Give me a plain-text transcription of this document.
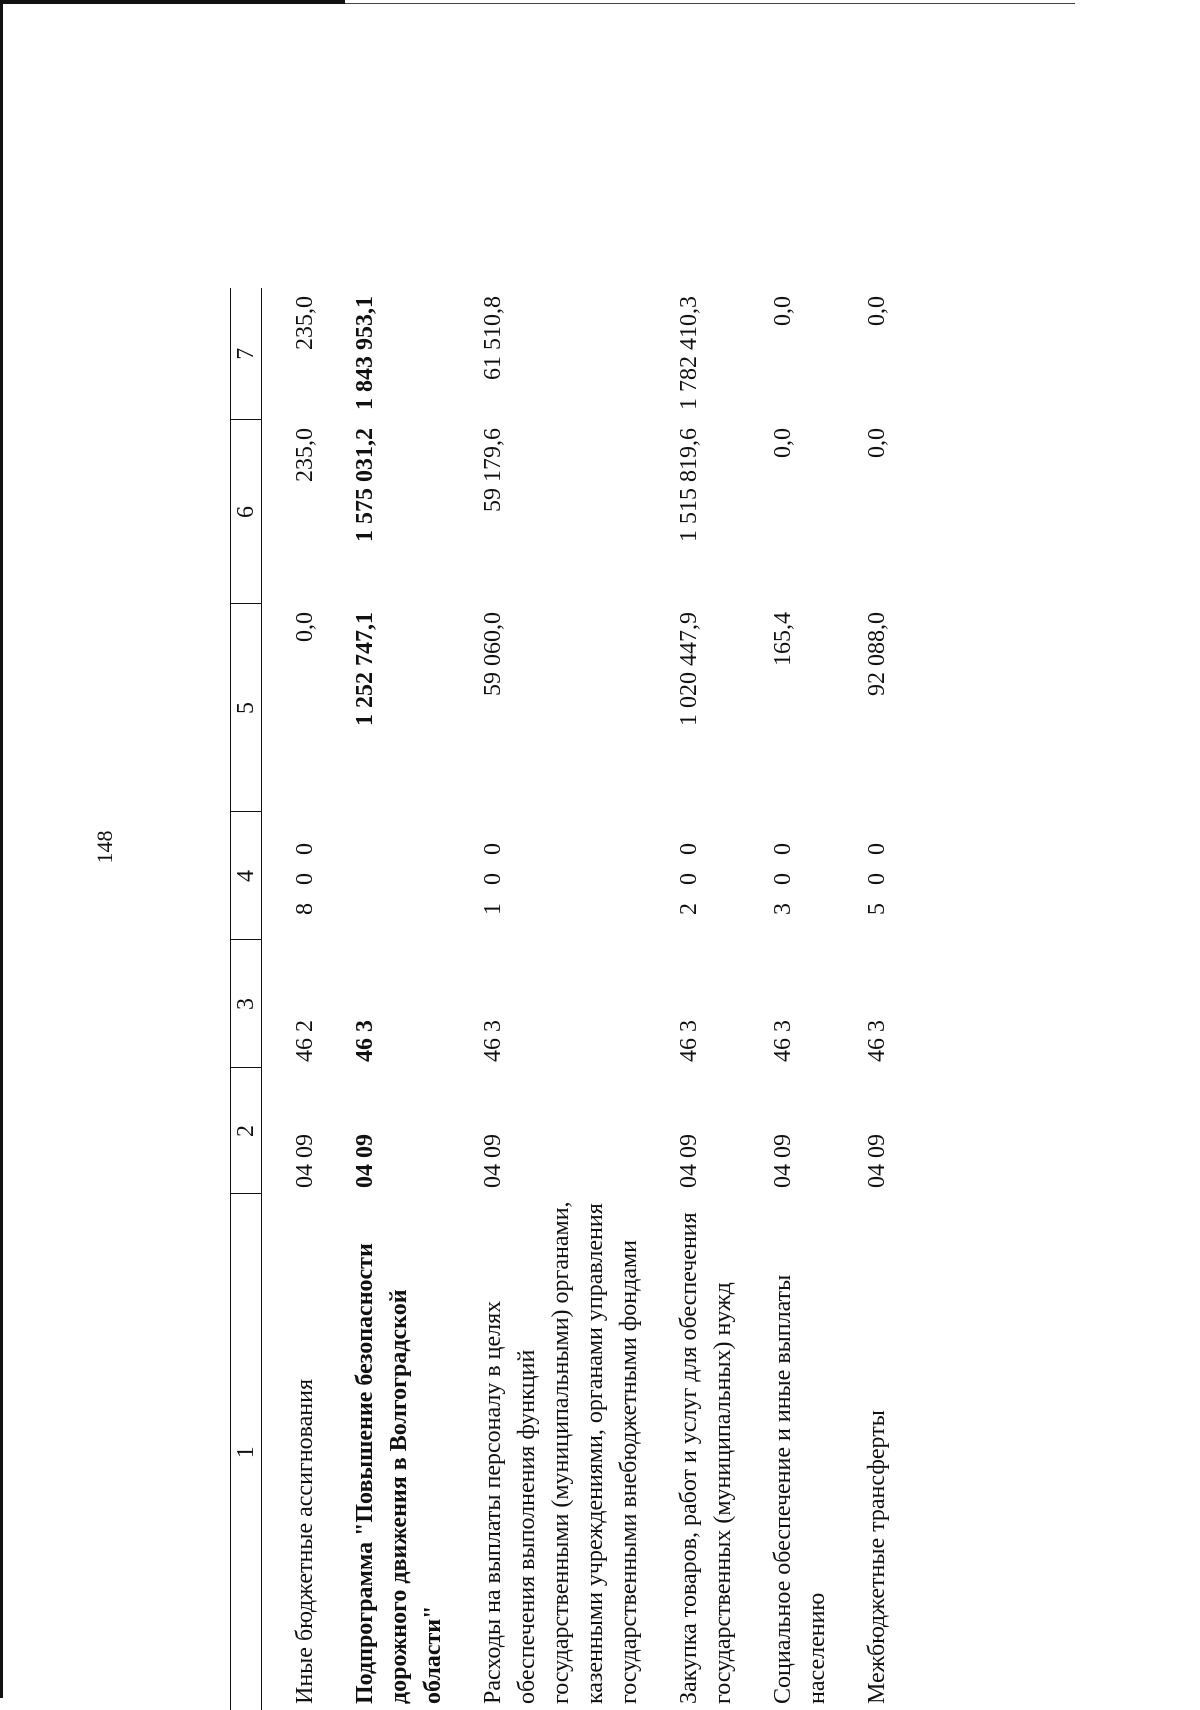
148
1	2	3	4	5	6	7

Иные бюджетные ассигнования	04 09	46 2	8 0 0	0,0	235,0	235,0

Подпрограмма "Повышение безопасности дорожного движения в Волгоградской области"	04 09	46 3		1 252 747,1	1 575 031,2	1 843 953,1

Расходы на выплаты персоналу в целях обеспечения выполнения функций государственными (муниципальными) органами, казенными учреждениями, органами управления государственными внебюджетными фондами	04 09	46 3	1 0 0	59 060,0	59 179,6	61 510,8

Закупка товаров, работ и услуг для обеспечения государственных (муниципальных) нужд	04 09	46 3	2 0 0	1 020 447,9	1 515 819,6	1 782 410,3

Социальное обеспечение и иные выплаты населению	04 09	46 3	3 0 0	165,4	0,0	0,0

Межбюджетные трансферты	04 09	46 3	5 0 0	92 088,0	0,0	0,0
